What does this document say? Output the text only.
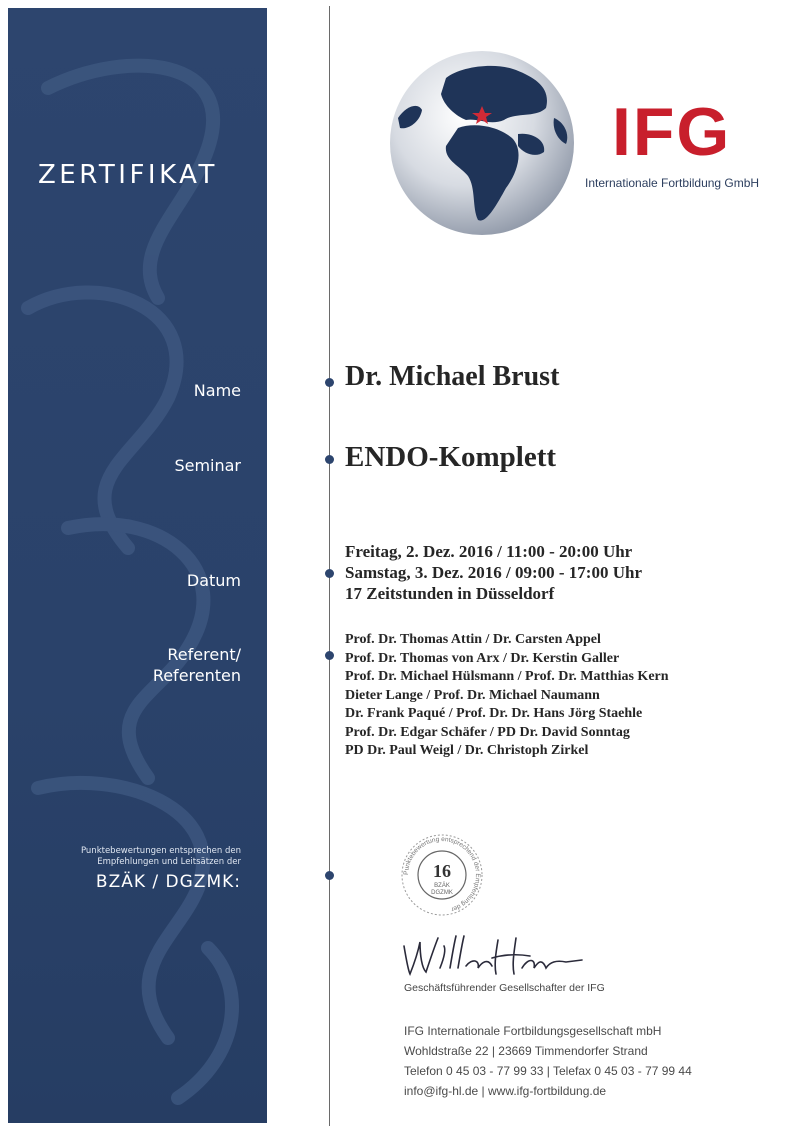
ZERTIFIKAT
Name
Seminar
Datum
Referent/
Referenten
Punktebewertungen entsprechen den
Empfehlungen und Leitsätzen der
BZÄK / DGZMK:
IFG
Internationale Fortbildung GmbH
Dr. Michael Brust
ENDO-Komplett
Freitag, 2. Dez. 2016 / 11:00 - 20:00 Uhr
Samstag, 3. Dez. 2016 / 09:00 - 17:00 Uhr
17 Zeitstunden in Düsseldorf
Prof. Dr. Thomas Attin / Dr. Carsten Appel
Prof. Dr. Thomas von Arx / Dr. Kerstin Galler
Prof. Dr. Michael Hülsmann / Prof. Dr. Matthias Kern
Dieter Lange / Prof. Dr. Michael Naumann
Dr. Frank Paqué / Prof. Dr. Dr. Hans Jörg Staehle
Prof. Dr. Edgar Schäfer / PD Dr. David Sonntag
PD Dr. Paul Weigl / Dr. Christoph Zirkel
Punktebewertung entsprechend der Empfehlung der
16
BZÄK
DGZMK
Geschäftsführender Gesellschafter der IFG
IFG Internationale Fortbildungsgesellschaft mbH
Wohldstraße 22 | 23669 Timmendorfer Strand
Telefon 0 45 03 - 77 99 33 | Telefax 0 45 03 - 77 99 44
info@ifg-hl.de | www.ifg-fortbildung.de
